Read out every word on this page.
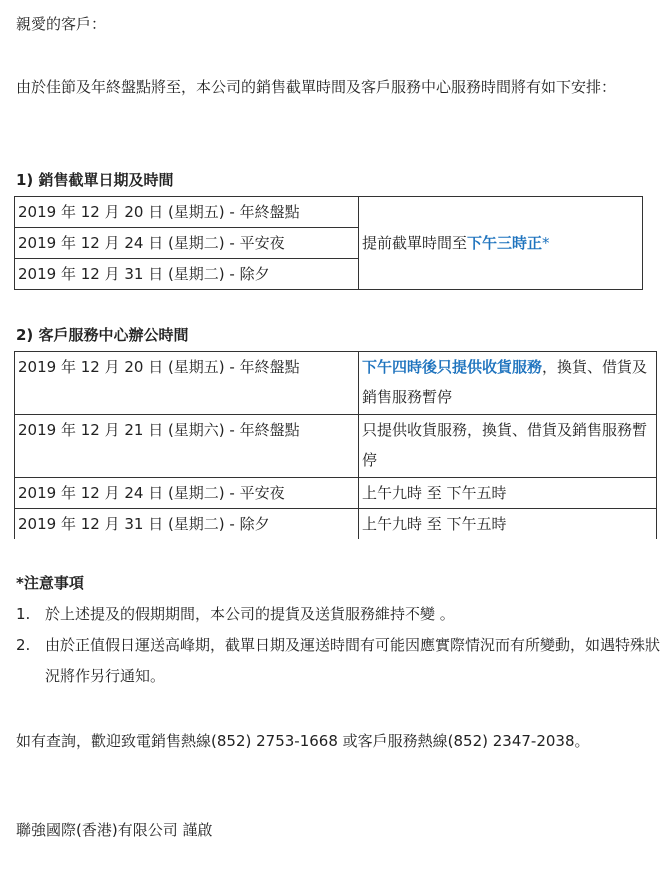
親愛的客戶：
由於佳節及年終盤點將至，本公司的銷售截單時間及客戶服務中心服務時間將有如下安排：
1) 銷售截單日期及時間
2019 年 12 月 20 日 (星期五) - 年終盤點	提前截單時間至下午三時正*
2019 年 12 月 24 日 (星期二) - 平安夜
2019 年 12 月 31 日 (星期二) - 除夕
2) 客戶服務中心辦公時間
2019 年 12 月 20 日 (星期五) - 年終盤點	下午四時後只提供收貨服務，換貨、借貨及銷售服務暫停
2019 年 12 月 21 日 (星期六) - 年終盤點	只提供收貨服務，換貨、借貨及銷售服務暫停
2019 年 12 月 24 日 (星期二) - 平安夜	上午九時 至 下午五時
2019 年 12 月 31 日 (星期二) - 除夕	上午九時 至 下午五時
*注意事項
1. 於上述提及的假期期間，本公司的提貨及送貨服務維持不變 。
2. 由於正值假日運送高峰期，截單日期及運送時間有可能因應實際情況而有所變動，如遇特殊狀況將作另行通知。
如有查詢，歡迎致電銷售熱線(852) 2753-1668 或客戶服務熱線(852) 2347-2038。
聯強國際(香港)有限公司 謹啟
